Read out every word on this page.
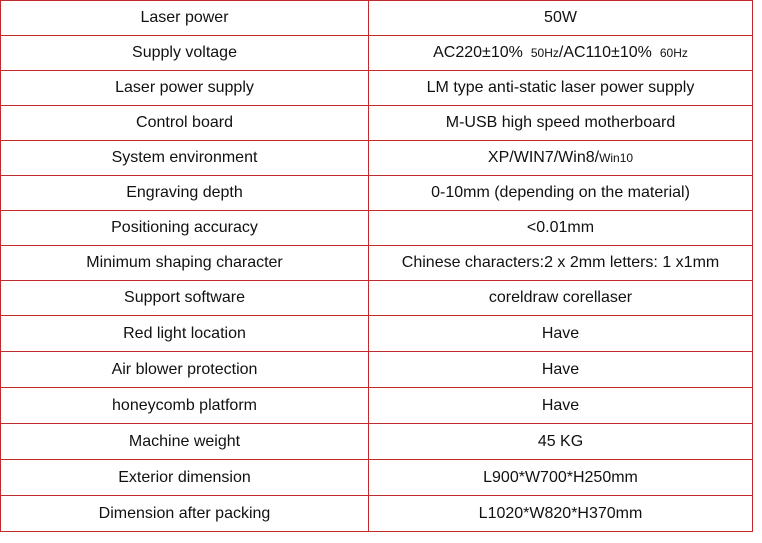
Laser power	50W
Supply voltage	AC220±10% 50Hz/AC110±10% 60Hz
Laser power supply	LM type anti-static laser power supply
Control board	M-USB high speed motherboard
System environment	XP/WIN7/Win8/Win10
Engraving depth	0-10mm (depending on the material)
Positioning accuracy	<0.01mm
Minimum shaping character	Chinese characters:2 x 2mm letters: 1 x1mm
Support software	coreldraw corellaser
Red light location	Have
Air blower protection	Have
honeycomb platform	Have
Machine weight	45 KG
Exterior dimension	L900*W700*H250mm
Dimension after packing	L1020*W820*H370mm
